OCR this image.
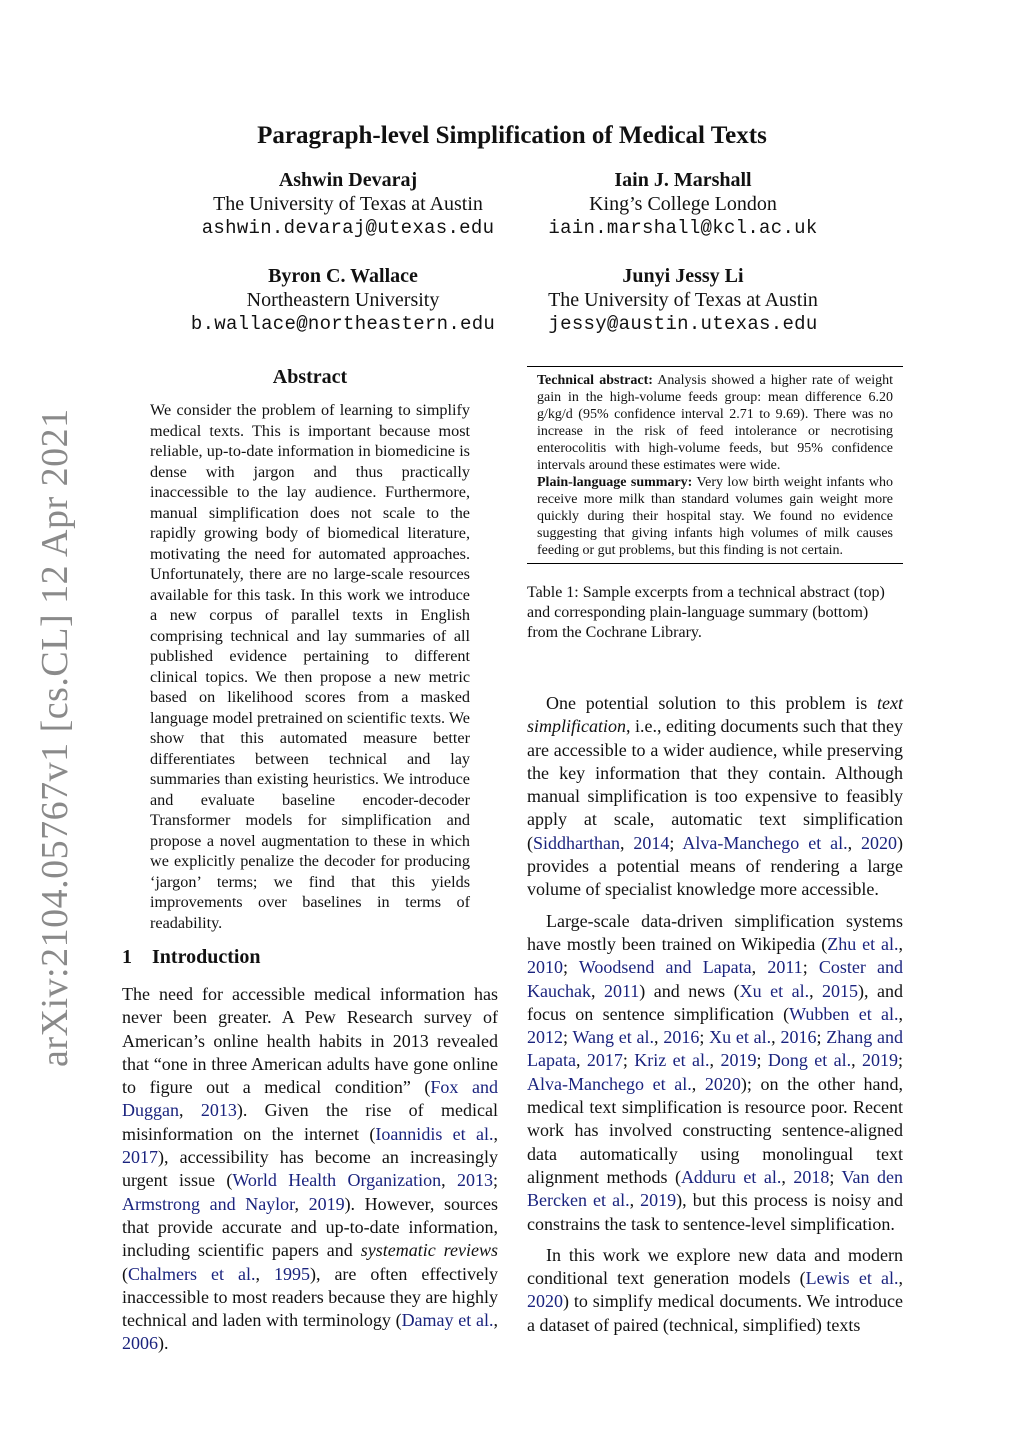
arXiv:2104.05767v1 [cs.CL] 12 Apr 2021
Paragraph-level Simplification of Medical Texts
Ashwin Devaraj
The University of Texas at Austin
ashwin.devaraj@utexas.edu
Iain J. Marshall
King’s College London
iain.marshall@kcl.ac.uk
Byron C. Wallace
Northeastern University
b.wallace@northeastern.edu
Junyi Jessy Li
The University of Texas at Austin
jessy@austin.utexas.edu
Abstract
We consider the problem of learning to simplify medical texts. This is important because most reliable, up-to-date information in biomedicine is dense with jargon and thus practically inaccessible to the lay audience. Furthermore, manual simplification does not scale to the rapidly growing body of biomedical literature, motivating the need for automated approaches. Unfortunately, there are no large-scale resources available for this task. In this work we introduce a new corpus of parallel texts in English comprising technical and lay summaries of all published evidence pertaining to different clinical topics. We then propose a new metric based on likelihood scores from a masked language model pretrained on scientific texts. We show that this automated measure better differentiates between technical and lay summaries than existing heuristics. We introduce and evaluate baseline encoder-decoder Transformer models for simplification and propose a novel augmentation to these in which we explicitly penalize the decoder for producing ‘jargon’ terms; we find that this yields improvements over baselines in terms of readability.
1 Introduction

The need for accessible medical information has never been greater. A Pew Research survey of American’s online health habits in 2013 revealed that “one in three American adults have gone online to figure out a medical condition” (Fox and Duggan, 2013). Given the rise of medical misinformation on the internet (Ioannidis et al., 2017), accessibility has become an increasingly urgent issue (World Health Organization, 2013; Armstrong and Naylor, 2019). However, sources that provide accurate and up-to-date information, including scientific papers and systematic reviews (Chalmers et al., 1995), are often effectively inaccessible to most readers because they are highly technical and laden with terminology (Damay et al., 2006).

Technical abstract: Analysis showed a higher rate of weight gain in the high-volume feeds group: mean difference 6.20 g/kg/d (95% confidence interval 2.71 to 9.69). There was no increase in the risk of feed intolerance or necrotising enterocolitis with high-volume feeds, but 95% confidence intervals around these estimates were wide.
Plain-language summary: Very low birth weight infants who receive more milk than standard volumes gain weight more quickly during their hospital stay. We found no evidence suggesting that giving infants high volumes of milk causes feeding or gut problems, but this finding is not certain.
Table 1: Sample excerpts from a technical abstract (top) and corresponding plain-language summary (bottom) from the Cochrane Library.

One potential solution to this problem is text simplification, i.e., editing documents such that they are accessible to a wider audience, while preserving the key information that they contain. Although manual simplification is too expensive to feasibly apply at scale, automatic text simplification (Siddharthan, 2014; Alva-Manchego et al., 2020) provides a potential means of rendering a large volume of specialist knowledge more accessible.

Large-scale data-driven simplification systems have mostly been trained on Wikipedia (Zhu et al., 2010; Woodsend and Lapata, 2011; Coster and Kauchak, 2011) and news (Xu et al., 2015), and focus on sentence simplification (Wubben et al., 2012; Wang et al., 2016; Xu et al., 2016; Zhang and Lapata, 2017; Kriz et al., 2019; Dong et al., 2019; Alva-Manchego et al., 2020); on the other hand, medical text simplification is resource poor. Recent work has involved constructing sentence-aligned data automatically using monolingual text alignment methods (Adduru et al., 2018; Van den Bercken et al., 2019), but this process is noisy and constrains the task to sentence-level simplification.

In this work we explore new data and modern conditional text generation models (Lewis et al., 2020) to simplify medical documents. We introduce a dataset of paired (technical, simplified) texts
